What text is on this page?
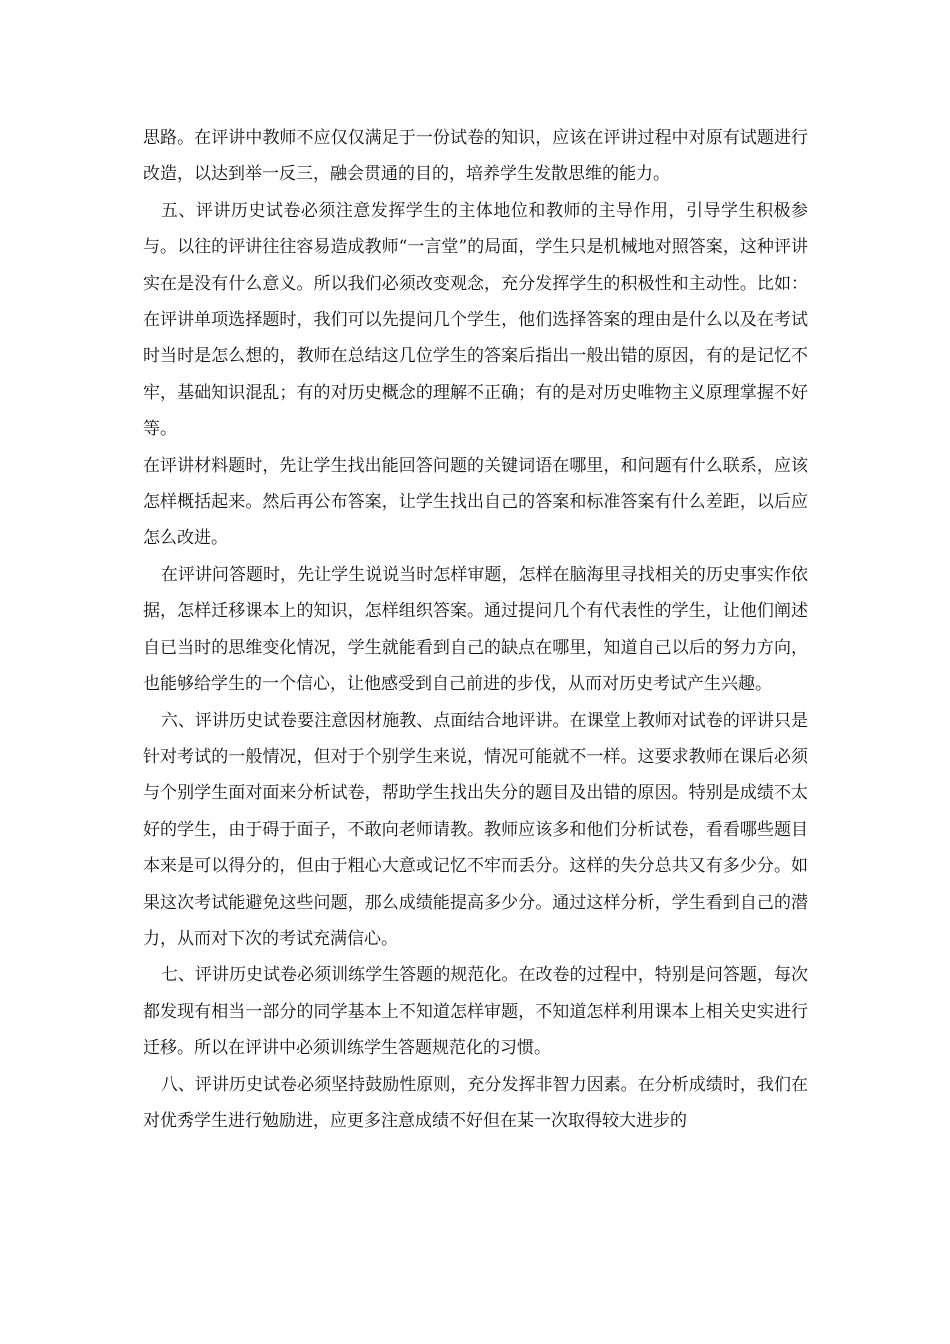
思路。在评讲中教师不应仅仅满足于一份试卷的知识，应该在评讲过程中对原有试题进行改造，以达到举一反三，融会贯通的目的，培养学生发散思维的能力。

五、评讲历史试卷必须注意发挥学生的主体地位和教师的主导作用，引导学生积极参与。以往的评讲往往容易造成教师“一言堂”的局面，学生只是机械地对照答案，这种评讲实在是没有什么意义。所以我们必须改变观念，充分发挥学生的积极性和主动性。比如：在评讲单项选择题时，我们可以先提问几个学生，他们选择答案的理由是什么以及在考试时当时是怎么想的，教师在总结这几位学生的答案后指出一般出错的原因，有的是记忆不牢，基础知识混乱；有的对历史概念的理解不正确；有的是对历史唯物主义原理掌握不好等。

在评讲材料题时，先让学生找出能回答问题的关键词语在哪里，和问题有什么联系，应该怎样概括起来。然后再公布答案，让学生找出自己的答案和标准答案有什么差距，以后应怎么改进。

在评讲问答题时，先让学生说说当时怎样审题，怎样在脑海里寻找相关的历史事实作依据，怎样迁移课本上的知识，怎样组织答案。通过提问几个有代表性的学生，让他们阐述自已当时的思维变化情况，学生就能看到自己的缺点在哪里，知道自己以后的努力方向，也能够给学生的一个信心，让他感受到自己前进的步伐，从而对历史考试产生兴趣。

六、评讲历史试卷要注意因材施教、点面结合地评讲。在课堂上教师对试卷的评讲只是针对考试的一般情况，但对于个别学生来说，情况可能就不一样。这要求教师在课后必须与个别学生面对面来分析试卷，帮助学生找出失分的题目及出错的原因。特别是成绩不太好的学生，由于碍于面子，不敢向老师请教。教师应该多和他们分析试卷，看看哪些题目本来是可以得分的，但由于粗心大意或记忆不牢而丢分。这样的失分总共又有多少分。如果这次考试能避免这些问题，那么成绩能提高多少分。通过这样分析，学生看到自己的潜力，从而对下次的考试充满信心。

七、评讲历史试卷必须训练学生答题的规范化。在改卷的过程中，特别是问答题，每次都发现有相当一部分的同学基本上不知道怎样审题，不知道怎样利用课本上相关史实进行迁移。所以在评讲中必须训练学生答题规范化的习惯。

八、评讲历史试卷必须坚持鼓励性原则，充分发挥非智力因素。在分析成绩时，我们在对优秀学生进行勉励进，应更多注意成绩不好但在某一次取得较大进步的
